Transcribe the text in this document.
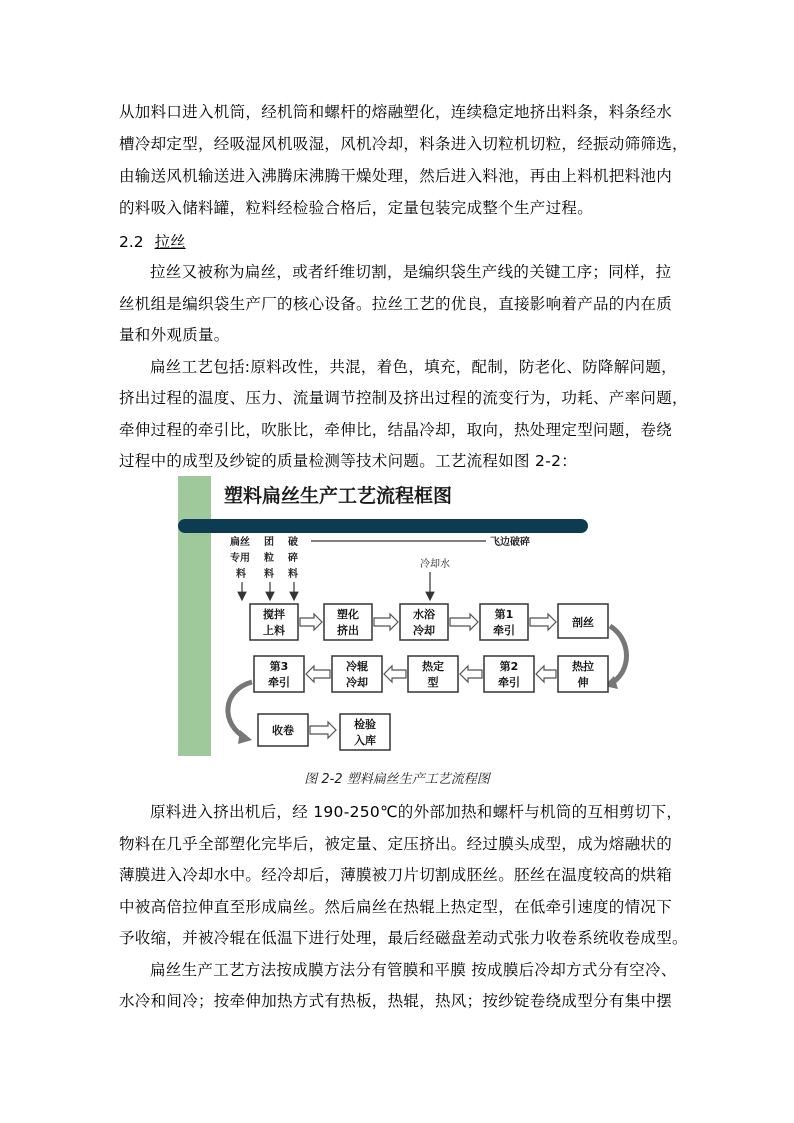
从加料口进入机筒，经机筒和螺杆的熔融塑化，连续稳定地挤出料条，料条经水
槽冷却定型，经吸湿风机吸湿，风机冷却，料条进入切粒机切粒，经振动筛筛选，
由输送风机输送进入沸腾床沸腾干燥处理，然后进入料池，再由上料机把料池内
的料吸入储料罐，粒料经检验合格后，定量包装完成整个生产过程。
2.2 拉丝
拉丝又被称为扁丝，或者纤维切割，是编织袋生产线的关键工序；同样，拉
丝机组是编织袋生产厂的核心设备。拉丝工艺的优良，直接影响着产品的内在质
量和外观质量。
扁丝工艺包括:原料改性，共混，着色，填充，配制，防老化、防降解问题，
挤出过程的温度、压力、流量调节控制及挤出过程的流变行为，功耗、产率问题，
牵伸过程的牵引比，吹胀比，牵伸比，结晶冷却，取向，热处理定型问题，卷绕
过程中的成型及纱锭的质量检测等技术问题。工艺流程如图 2-2：
塑料扁丝生产工艺流程框图
扁丝
专用
料
团
粒
料
破
碎
料
飞边破碎
冷却水
搅拌
上料
塑化
挤出
水浴
冷却
第1
牵引
剖丝
第3
牵引
冷辊
冷却
热定
型
第2
牵引
热拉
伸
收卷	检验
入库
图 2-2 塑料扁丝生产工艺流程图
原料进入挤出机后，经 190-250℃的外部加热和螺杆与机筒的互相剪切下，
物料在几乎全部塑化完毕后，被定量、定压挤出。经过膜头成型，成为熔融状的
薄膜进入冷却水中。经冷却后，薄膜被刀片切割成胚丝。胚丝在温度较高的烘箱
中被高倍拉伸直至形成扁丝。然后扁丝在热辊上热定型，在低牵引速度的情况下
予收缩，并被冷辊在低温下进行处理，最后经磁盘差动式张力收卷系统收卷成型。
扁丝生产工艺方法按成膜方法分有管膜和平膜 按成膜后冷却方式分有空冷、
水冷和间冷；按牵伸加热方式有热板，热辊，热风；按纱锭卷绕成型分有集中摆
